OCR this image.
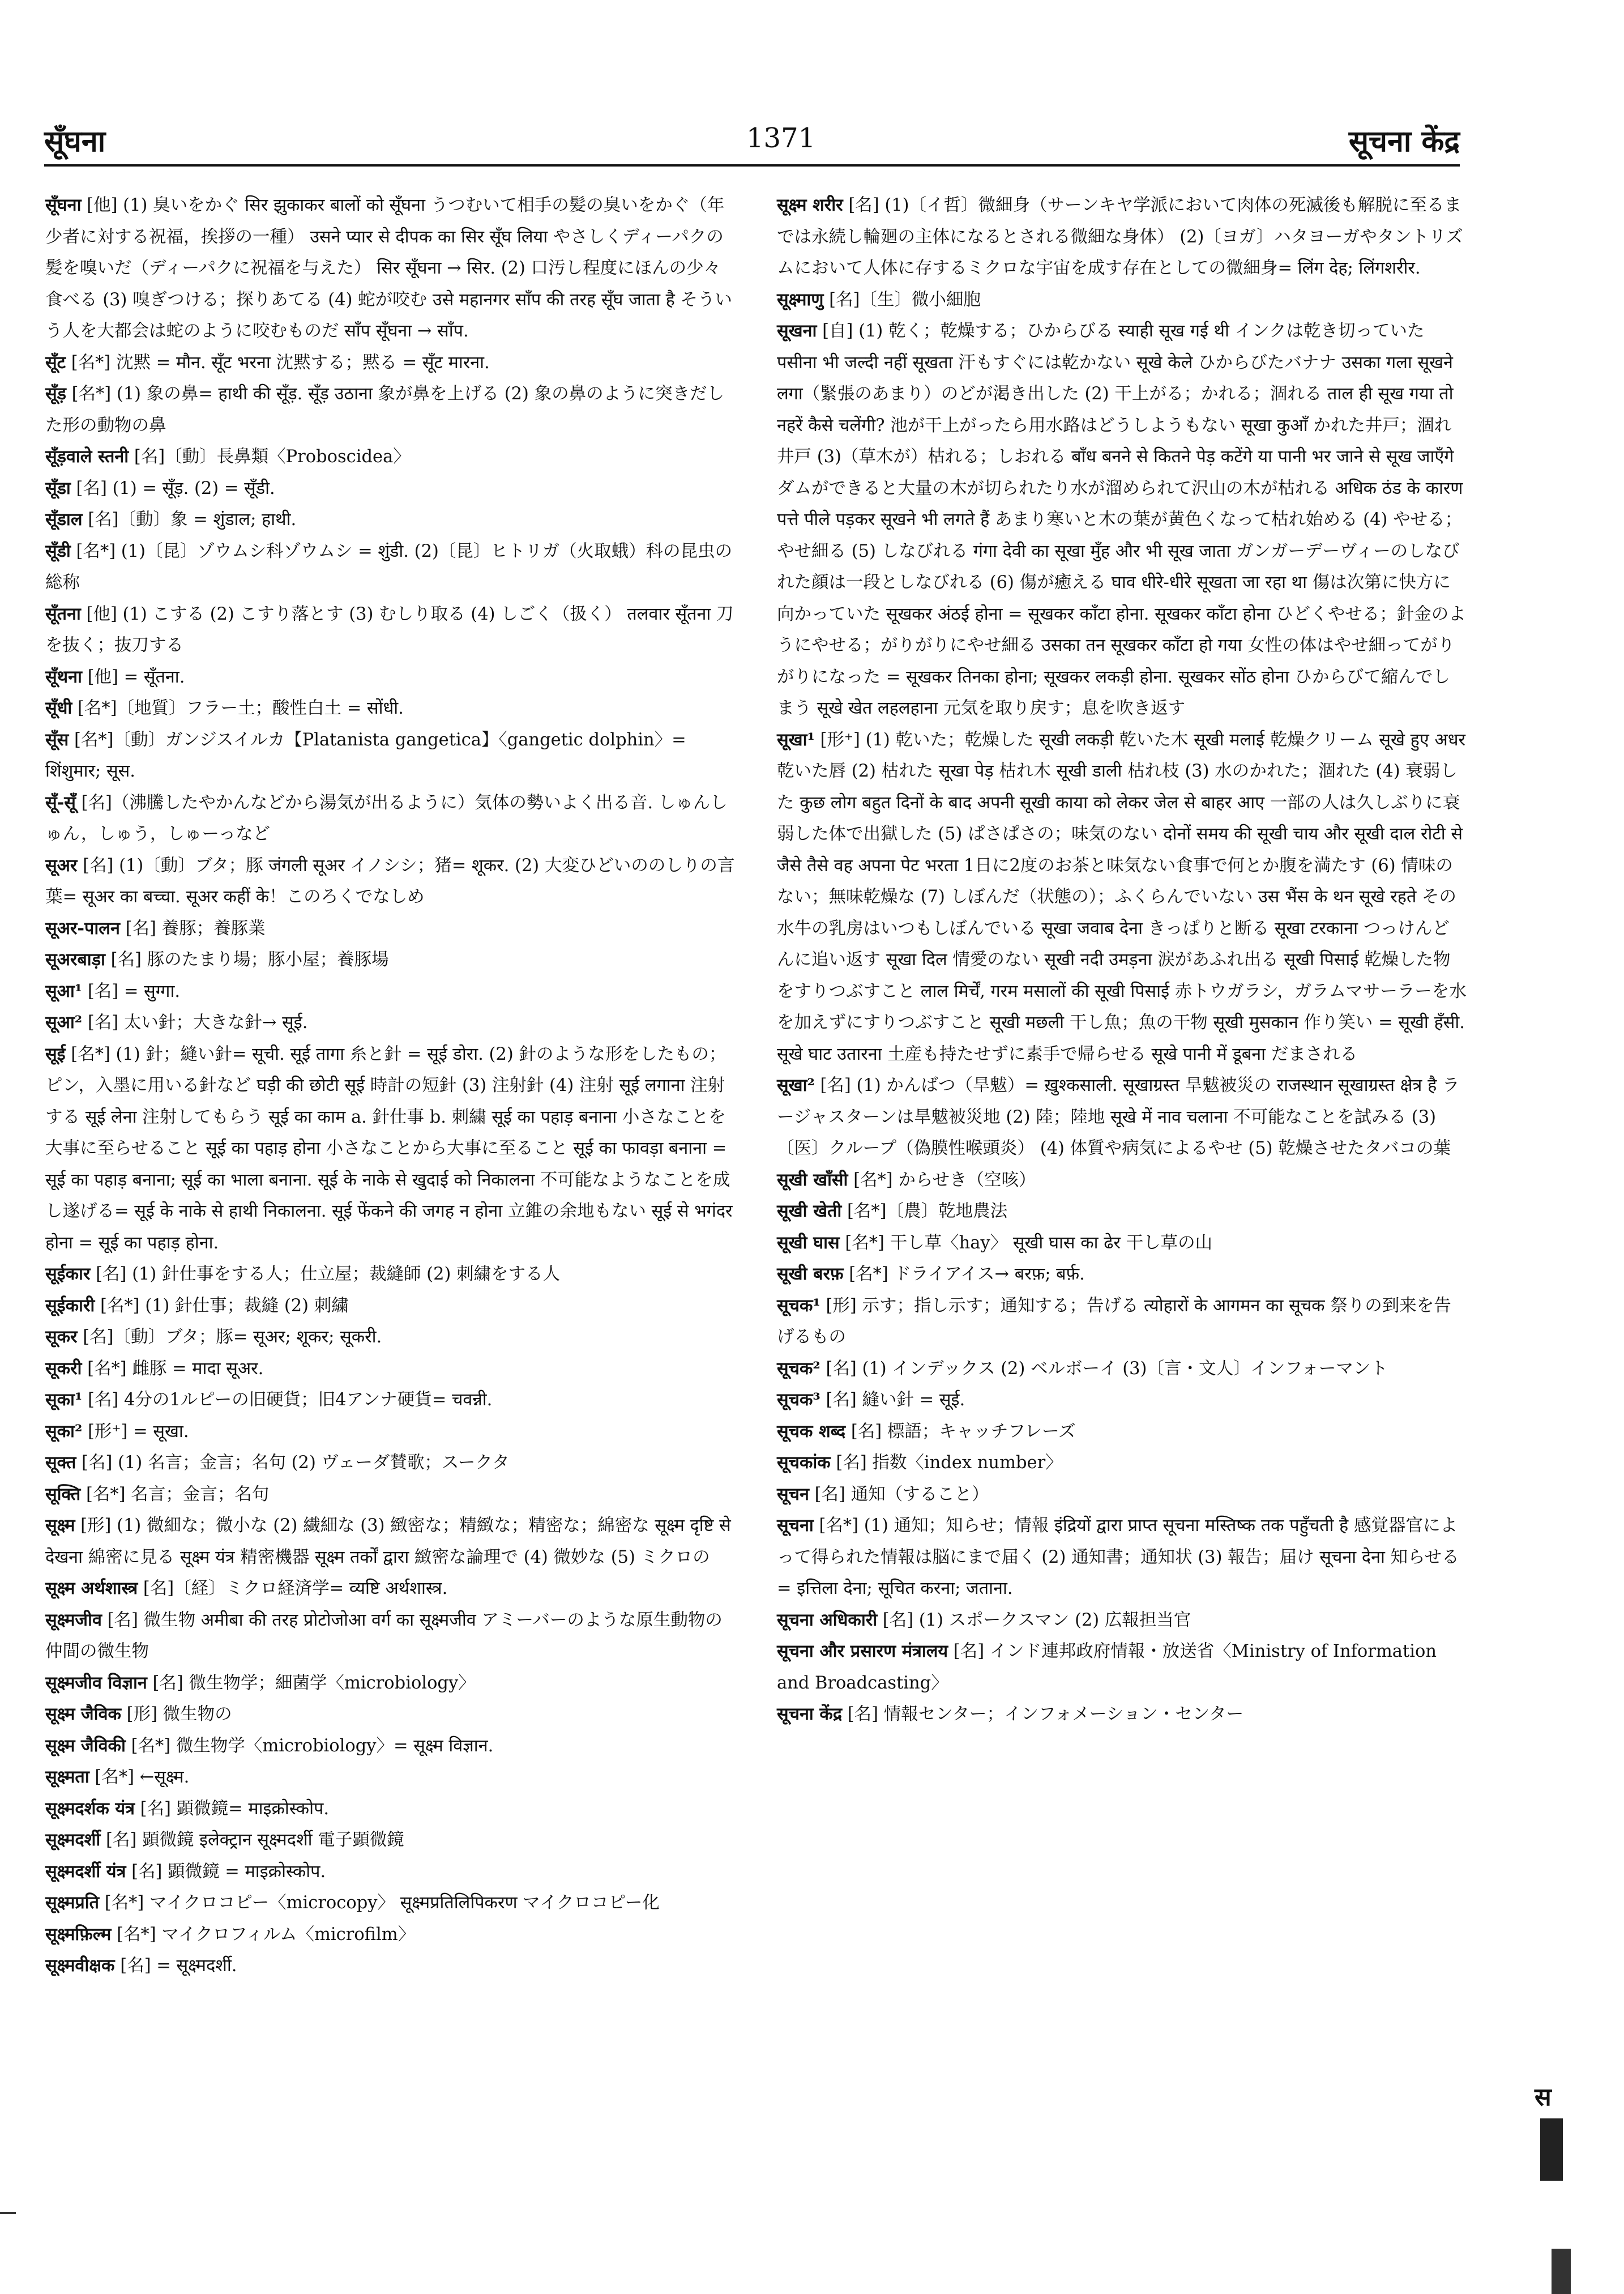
सूँघना	1371	सूचना केंद्र

सूँघना [他] (1) 臭いをかぐ सिर झुकाकर बालों को सूँघना うつむいて相手の髪の臭いをかぐ（年少者に対する祝福，挨拶の一種） उसने प्यार से दीपक का सिर सूँघ लिया やさしくディーパクの髪を嗅いだ（ディーパクに祝福を与えた） सिर सूँघना → सिर. (2) 口汚し程度にほんの少々食べる (3) 嗅ぎつける；探りあてる (4) 蛇が咬む उसे महानगर साँप की तरह सूँघ जाता है そういう人を大都会は蛇のように咬むものだ साँप सूँघना → साँप.

सूँट [名*] 沈黙 = मौन. सूँट भरना 沈黙する；黙る = सूँट मारना.

सूँड़ [名*] (1) 象の鼻= हाथी की सूँड़. सूँड़ उठाना 象が鼻を上げる (2) 象の鼻のように突きだした形の動物の鼻

सूँड़वाले स्तनी [名]〔動〕長鼻類〈Proboscidea〉

सूँडा [名] (1) = सूँड़. (2) = सूँडी.

सूँडाल [名]〔動〕象 = शुंडाल; हाथी.

सूँडी [名*] (1)〔昆〕ゾウムシ科ゾウムシ = शुंडी. (2)〔昆〕ヒトリガ（火取蛾）科の昆虫の総称

सूँतना [他] (1) こする (2) こすり落とす (3) むしり取る (4) しごく（扱く） तलवार सूँतना 刀を抜く；抜刀する

सूँथना [他] = सूँतना.

सूँधी [名*]〔地質〕フラー土；酸性白土 = सोंधी.

सूँस [名*]〔動〕ガンジスイルカ【Platanista gangetica】〈gangetic dolphin〉= शिंशुमार; सूस.

सूँ-सूँ [名]（沸騰したやかんなどから湯気が出るように）気体の勢いよく出る音. しゅんしゅん，しゅう，しゅーっなど

सूअर [名] (1)〔動〕ブタ；豚 जंगली सूअर イノシシ；猪= शूकर. (2) 大変ひどいののしりの言葉= सूअर का बच्चा. सूअर कहीं के！このろくでなしめ

सूअर-पालन [名] 養豚；養豚業

सूअरबाड़ा [名] 豚のたまり場；豚小屋；養豚場

सूआ¹ [名] = सुग्गा.

सूआ² [名] 太い針；大きな針→ सूई.

सूई [名*] (1) 針；縫い針= सूची. सूई तागा 糸と針 = सूई डोरा. (2) 針のような形をしたもの；ピン，入墨に用いる針など घड़ी की छोटी सूई 時計の短針 (3) 注射針 (4) 注射 सूई लगाना 注射する सूई लेना 注射してもらう सूई का काम a. 針仕事 b. 刺繍 सूई का पहाड़ बनाना 小さなことを大事に至らせること सूई का पहाड़ होना 小さなことから大事に至ること सूई का फावड़ा बनाना = सूई का पहाड़ बनाना; सूई का भाला बनाना. सूई के नाके से खुदाई को निकालना 不可能なようなことを成し遂げる= सूई के नाके से हाथी निकालना. सूई फेंकने की जगह न होना 立錐の余地もない सूई से भगंदर होना = सूई का पहाड़ होना.

सूईकार [名] (1) 針仕事をする人；仕立屋；裁縫師 (2) 刺繍をする人

सूईकारी [名*] (1) 針仕事；裁縫 (2) 刺繍

सूकर [名]〔動〕ブタ；豚= सूअर; शूकर; सूकरी.

सूकरी [名*] 雌豚 = मादा सूअर.

सूका¹ [名] 4分の1ルピーの旧硬貨；旧4アンナ硬貨= चवन्नी.

सूका² [形⁺] = सूखा.

सूक्त [名] (1) 名言；金言；名句 (2) ヴェーダ賛歌；スークタ

सूक्ति [名*] 名言；金言；名句

सूक्ष्म [形] (1) 微細な；微小な (2) 繊細な (3) 緻密な；精緻な；精密な；綿密な सूक्ष्म दृष्टि से देखना 綿密に見る सूक्ष्म यंत्र 精密機器 सूक्ष्म तर्कों द्वारा 緻密な論理で (4) 微妙な (5) ミクロの

सूक्ष्म अर्थशास्त्र [名]〔経〕ミクロ経済学= व्यष्टि अर्थशास्त्र.

सूक्ष्मजीव [名] 微生物 अमीबा की तरह प्रोटोजोआ वर्ग का सूक्ष्मजीव アミーバーのような原生動物の仲間の微生物

सूक्ष्मजीव विज्ञान [名] 微生物学；細菌学〈microbiology〉

सूक्ष्म जैविक [形] 微生物の

सूक्ष्म जैविकी [名*] 微生物学〈microbiology〉= सूक्ष्म विज्ञान.

सूक्ष्मता [名*] ←सूक्ष्म.

सूक्ष्मदर्शक यंत्र [名] 顕微鏡= माइक्रोस्कोप.

सूक्ष्मदर्शी [名] 顕微鏡 इलेक्ट्रान सूक्ष्मदर्शी 電子顕微鏡

सूक्ष्मदर्शी यंत्र [名] 顕微鏡 = माइक्रोस्कोप.

सूक्ष्मप्रति [名*] マイクロコピー〈microcopy〉 सूक्ष्मप्रतिलिपिकरण マイクロコピー化

सूक्ष्मफ़िल्म [名*] マイクロフィルム〈microfilm〉

सूक्ष्मवीक्षक [名] = सूक्ष्मदर्शी.

सूक्ष्म शरीर [名] (1)〔イ哲〕微細身（サーンキヤ学派において肉体の死滅後も解脱に至るまでは永続し輪廻の主体になるとされる微細な身体） (2)〔ヨガ〕ハタヨーガやタントリズムにおいて人体に存するミクロな宇宙を成す存在としての微細身= लिंग देह; लिंगशरीर.

सूक्ष्माणु [名]〔生〕微小細胞

सूखना [自] (1) 乾く；乾燥する；ひからびる स्याही सूख गई थी インクは乾き切っていた पसीना भी जल्दी नहीं सूखता 汗もすぐには乾かない सूखे केले ひからびたバナナ उसका गला सूखने लगा（緊張のあまり）のどが渇き出した (2) 干上がる；かれる；涸れる ताल ही सूख गया तो नहरें कैसे चलेंगी? 池が干上がったら用水路はどうしようもない सूखा कुआँ かれた井戸；涸れ井戸 (3)（草木が）枯れる；しおれる बाँध बनने से कितने पेड़ कटेंगे या पानी भर जाने से सूख जाएँगे ダムができると大量の木が切られたり水が溜められて沢山の木が枯れる अधिक ठंड के कारण पत्ते पीले पड़कर सूखने भी लगते हैं あまり寒いと木の葉が黄色くなって枯れ始める (4) やせる；やせ細る (5) しなびれる गंगा देवी का सूखा मुँह और भी सूख जाता ガンガーデーヴィーのしなびれた顔は一段としなびれる (6) 傷が癒える घाव धीरे-धीरे सूखता जा रहा था 傷は次第に快方に向かっていた सूखकर अंठई होना = सूखकर काँटा होना. सूखकर काँटा होना ひどくやせる；針金のようにやせる；がりがりにやせ細る उसका तन सूखकर काँटा हो गया 女性の体はやせ細ってがりがりになった = सूखकर तिनका होना; सूखकर लकड़ी होना. सूखकर सोंठ होना ひからびて縮んでしまう सूखे खेत लहलहाना 元気を取り戻す；息を吹き返す

सूखा¹ [形⁺] (1) 乾いた；乾燥した सूखी लकड़ी 乾いた木 सूखी मलाई 乾燥クリーム सूखे हुए अधर 乾いた唇 (2) 枯れた सूखा पेड़ 枯れ木 सूखी डाली 枯れ枝 (3) 水のかれた；涸れた (4) 衰弱した कुछ लोग बहुत दिनों के बाद अपनी सूखी काया को लेकर जेल से बाहर आए 一部の人は久しぶりに衰弱した体で出獄した (5) ぱさぱさの；味気のない दोनों समय की सूखी चाय और सूखी दाल रोटी से जैसे तैसे वह अपना पेट भरता 1日に2度のお茶と味気ない食事で何とか腹を満たす (6) 情味のない；無味乾燥な (7) しぼんだ（状態の）；ふくらんでいない उस भैंस के थन सूखे रहते その水牛の乳房はいつもしぼんでいる सूखा जवाब देना きっぱりと断る सूखा टरकाना つっけんどんに追い返す सूखा दिल 情愛のない सूखी नदी उमड़ना 涙があふれ出る सूखी पिसाई 乾燥した物をすりつぶすこと लाल मिर्चें, गरम मसालों की सूखी पिसाई 赤トウガラシ，ガラムマサーラーを水を加えずにすりつぶすこと सूखी मछली 干し魚；魚の干物 सूखी मुसकान 作り笑い = सूखी हँसी. सूखे घाट उतारना 土産も持たせずに素手で帰らせる सूखे पानी में डूबना だまされる

सूखा² [名] (1) かんばつ（旱魃）= ख़ुश्कसाली. सूखाग्रस्त 旱魃被災の राजस्थान सूखाग्रस्त क्षेत्र है ラージャスターンは旱魃被災地 (2) 陸；陸地 सूखे में नाव चलाना 不可能なことを試みる (3)〔医〕クループ（偽膜性喉頭炎） (4) 体質や病気によるやせ (5) 乾燥させたタバコの葉

सूखी खाँसी [名*] からせき（空咳）

सूखी खेती [名*]〔農〕乾地農法

सूखी घास [名*] 干し草〈hay〉 सूखी घास का ढेर 干し草の山

सूखी बरफ़ [名*] ドライアイス→ बरफ़; बर्फ़.

सूचक¹ [形] 示す；指し示す；通知する；告げる त्योहारों के आगमन का सूचक 祭りの到来を告げるもの

सूचक² [名] (1) インデックス (2) ベルボーイ (3)〔言・文人〕インフォーマント

सूचक³ [名] 縫い針 = सूई.

सूचक शब्द [名] 標語；キャッチフレーズ

सूचकांक [名] 指数〈index number〉

सूचन [名] 通知（すること）

सूचना [名*] (1) 通知；知らせ；情報 इंद्रियों द्वारा प्राप्त सूचना मस्तिष्क तक पहुँचती है 感覚器官によって得られた情報は脳にまで届く (2) 通知書；通知状 (3) 報告；届け सूचना देना 知らせる = इत्तिला देना; सूचित करना; जताना.

सूचना अधिकारी [名] (1) スポークスマン (2) 広報担当官

सूचना और प्रसारण मंत्रालय [名] インド連邦政府情報・放送省〈Ministry of Information and Broadcasting〉

सूचना केंद्र [名] 情報センター；インフォメーション・センター

स
